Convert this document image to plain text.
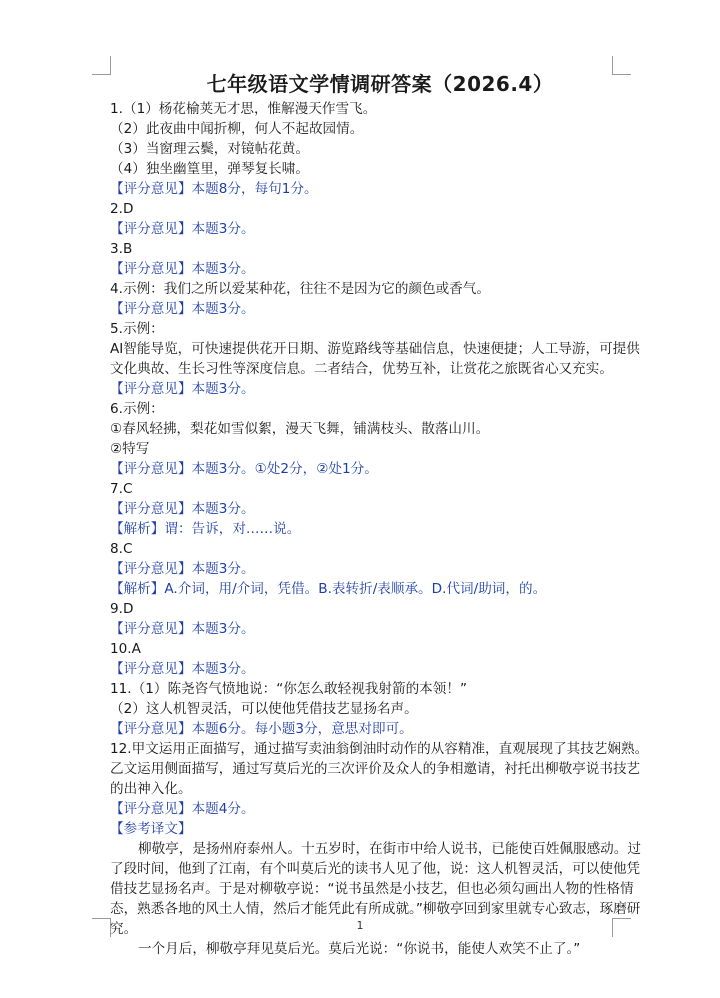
七年级语文学情调研答案（2026.4）

1.（1）杨花榆荚无才思，惟解漫天作雪飞。

（2）此夜曲中闻折柳，何人不起故园情。

（3）当窗理云鬓，对镜帖花黄。

（4）独坐幽篁里，弹琴复长啸。

【评分意见】本题8分，每句1分。

2.D

【评分意见】本题3分。

3.B

【评分意见】本题3分。

4.示例：我们之所以爱某种花，往往不是因为它的颜色或香气。

【评分意见】本题3分。

5.示例：

AI智能导览，可快速提供花开日期、游览路线等基础信息，快速便捷；人工导游，可提供文化典故、生长习性等深度信息。二者结合，优势互补，让赏花之旅既省心又充实。

【评分意见】本题3分。

6.示例：

①春风轻拂，梨花如雪似絮，漫天飞舞，铺满枝头、散落山川。

②特写

【评分意见】本题3分。①处2分，②处1分。

7.C

【评分意见】本题3分。

【解析】谓：告诉，对……说。

8.C

【评分意见】本题3分。

【解析】A.介词，用/介词，凭借。B.表转折/表顺承。D.代词/助词，的。

9.D

【评分意见】本题3分。

10.A

【评分意见】本题3分。

11.（1）陈尧咨气愤地说：“你怎么敢轻视我射箭的本领！”

（2）这人机智灵活，可以使他凭借技艺显扬名声。

【评分意见】本题6分。每小题3分，意思对即可。

12.甲文运用正面描写，通过描写卖油翁倒油时动作的从容精准，直观展现了其技艺娴熟。乙文运用侧面描写，通过写莫后光的三次评价及众人的争相邀请，衬托出柳敬亭说书技艺的出神入化。

【评分意见】本题4分。

【参考译文】

柳敬亭，是扬州府泰州人。十五岁时，在街市中给人说书，已能使百姓佩服感动。过了段时间，他到了江南，有个叫莫后光的读书人见了他，说：这人机智灵活，可以使他凭借技艺显扬名声。于是对柳敬亭说：“说书虽然是小技艺，但也必须勾画出人物的性格情态，熟悉各地的风土人情，然后才能凭此有所成就。”柳敬亭回到家里就专心致志，琢磨研究。

一个月后，柳敬亭拜见莫后光。莫后光说：“你说书，能使人欢笑不止了。”

1
